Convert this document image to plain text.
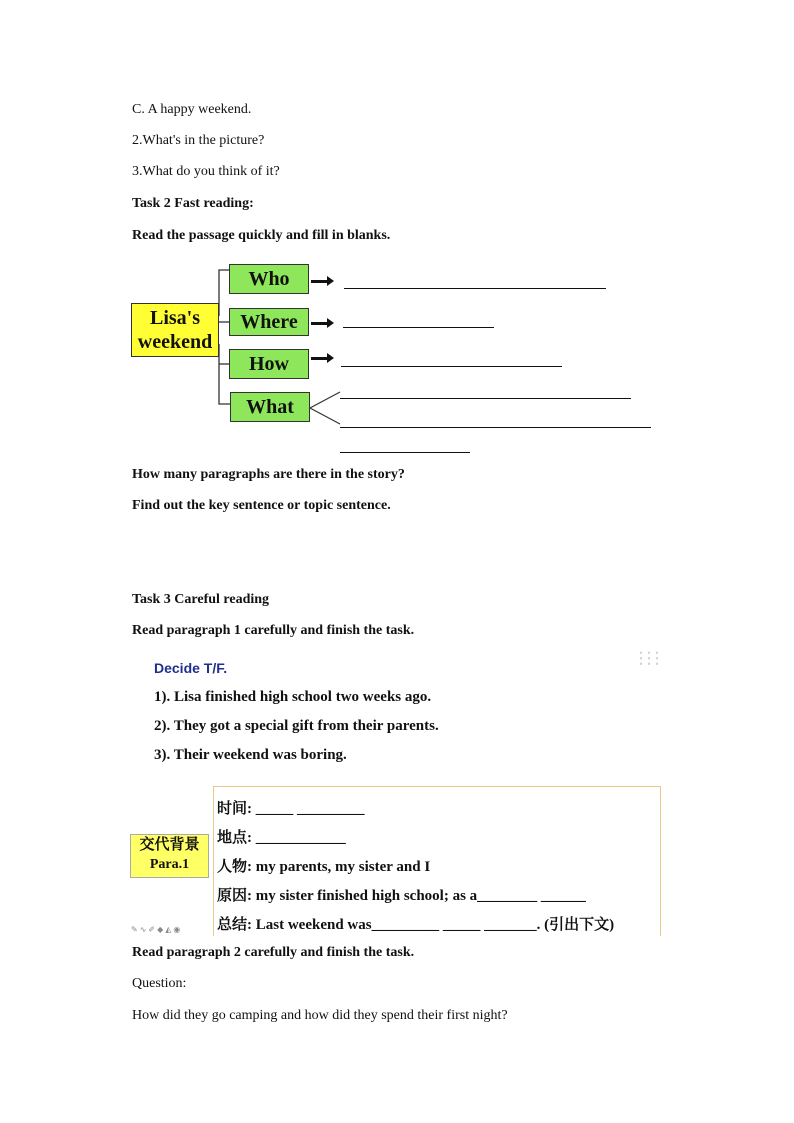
C. A happy weekend.
2.What's in the picture?
3.What do you think of it?
Task 2 Fast reading:
Read the passage quickly and fill in blanks.
Lisa's
weekend
Who
Where
How
What
How many paragraphs are there in the story?
Find out the key sentence or topic sentence.
Task 3 Careful reading
Read paragraph 1 carefully and finish the task.
Decide T/F.
1). Lisa finished high school two weeks ago.
2). They got a special gift from their parents.
3). Their weekend was boring.
交代背景
Para.1
时间: _____ _________
地点: ____________
人物: my parents, my sister and I
原因: my sister finished high school; as a________ ______
总结: Last weekend was_________ _____ _______. (引出下文)
✎∿✐◆◭◉
Read paragraph 2 carefully and finish the task.
Question:
How did they go camping and how did they spend their first night?
